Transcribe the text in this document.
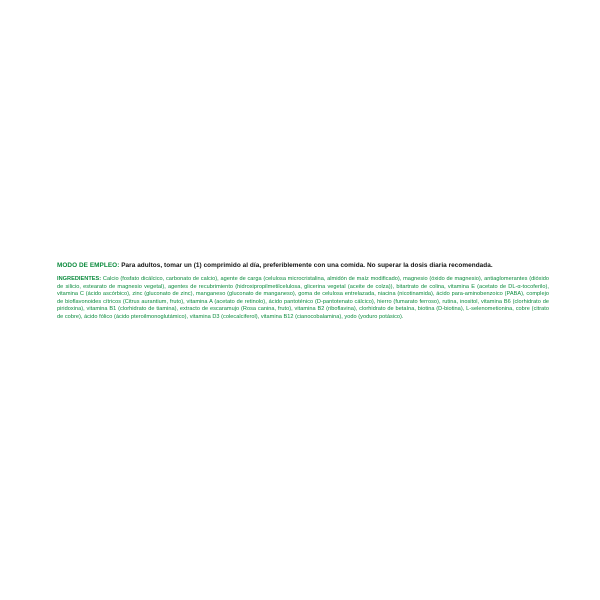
MODO DE EMPLEO: Para adultos, tomar un (1) comprimido al día, preferiblemente con una comida. No superar la dosis diaria recomendada.

INGREDIENTES: Calcio (fosfato dicálcico, carbonato de calcio), agente de carga (celulosa microcristalina, almidón de maíz modificado), magnesio (óxido de magnesio), antiaglomerantes (dióxido de silicio, estearato de magnesio vegetal), agentes de recubrimiento (hidroxipropilmetilcelulosa, glicerina vegetal (aceite de colza)), bitartrato de colina, vitamina E (acetato de DL-α-tocoferilo), vitamina C (ácido ascórbico), zinc (gluconato de zinc), manganeso (gluconato de manganeso), goma de celulosa entrelazada, niacina (nicotinamida), ácido para-aminobenzoico (PABA), complejo de bioflavonoides cítricos (Citrus aurantium, fruto), vitamina A (acetato de retinolo), ácido pantoténico (D-pantotenato cálcico), hierro (fumarato ferroso), rutina, inositol, vitamina B6 (clorhidrato de piridoxina), vitamina B1 (clorhidrato de tiamina), extracto de escaramujo (Rosa canina, fruto), vitamina B2 (riboflavina), clorhidrato de betaína, biotina (D-biotina), L-selenometionina, cobre (citrato de cobre), ácido fólico (ácido pteroilmonoglutámico), vitamina D3 (colecalciferol), vitamina B12 (cianocobalamina), yodo (yoduro potásico).
